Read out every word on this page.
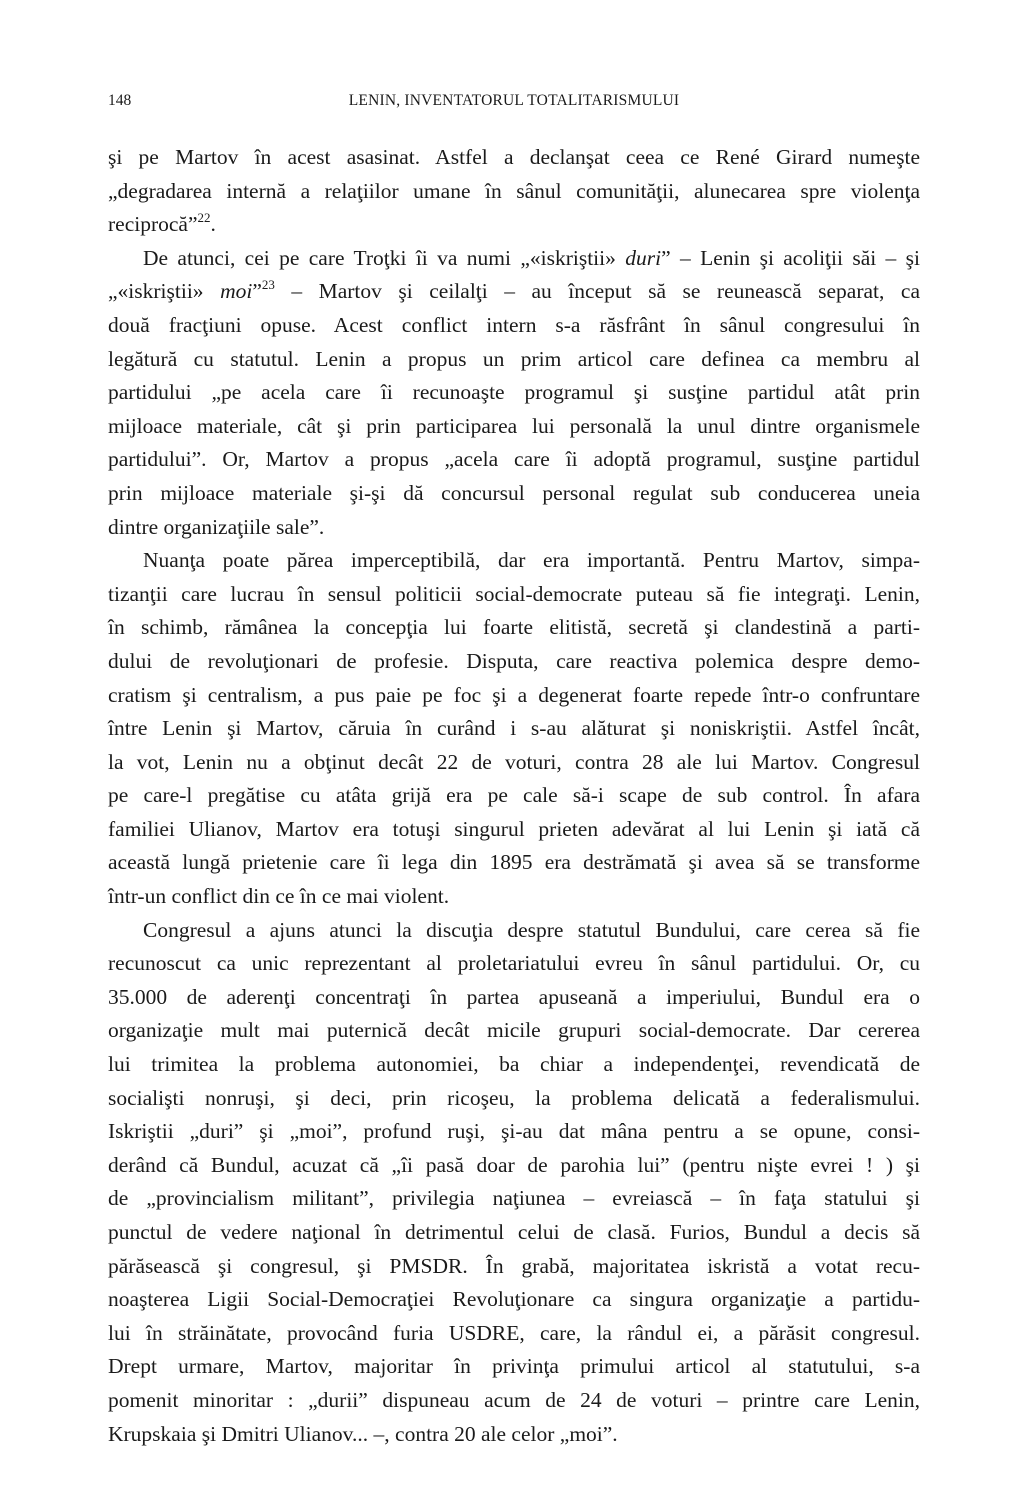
148	LENIN, INVENTATORUL TOTALITARISMULUI
şi pe Martov în acest asasinat. Astfel a declanşat ceea ce René Girard numeşte
„degradarea internă a relaţiilor umane în sânul comunităţii, alunecarea spre violenţa
reciprocă”$^{22}$.
De atunci, cei pe care Troţki îi va numi „«iskriştii» duri” – Lenin şi acoliţii săi – şi
„«iskriştii» moi”$^{23}$ – Martov şi ceilalţi – au început să se reunească separat, ca
două fracţiuni opuse. Acest conflict intern s-a răsfrânt în sânul congresului în
legătură cu statutul. Lenin a propus un prim articol care definea ca membru al
partidului „pe acela care îi recunoaşte programul şi susţine partidul atât prin
mijloace materiale, cât şi prin participarea lui personală la unul dintre organismele
partidului”. Or, Martov a propus „acela care îi adoptă programul, susţine partidul
prin mijloace materiale şi-şi dă concursul personal regulat sub conducerea uneia
dintre organizaţiile sale”.
Nuanţa poate părea imperceptibilă, dar era importantă. Pentru Martov, simpa-
tizanţii care lucrau în sensul politicii social-democrate puteau să fie integraţi. Lenin,
în schimb, rămânea la concepţia lui foarte elitistă, secretă şi clandestină a parti-
dului de revoluţionari de profesie. Disputa, care reactiva polemica despre demo-
cratism şi centralism, a pus paie pe foc şi a degenerat foarte repede într-o confruntare
între Lenin şi Martov, căruia în curând i s-au alăturat şi noniskriştii. Astfel încât,
la vot, Lenin nu a obţinut decât 22 de voturi, contra 28 ale lui Martov. Congresul
pe care-l pregătise cu atâta grijă era pe cale să-i scape de sub control. În afara
familiei Ulianov, Martov era totuşi singurul prieten adevărat al lui Lenin şi iată că
această lungă prietenie care îi lega din 1895 era destrămată şi avea să se transforme
într-un conflict din ce în ce mai violent.
Congresul a ajuns atunci la discuţia despre statutul Bundului, care cerea să fie
recunoscut ca unic reprezentant al proletariatului evreu în sânul partidului. Or, cu
35.000 de aderenţi concentraţi în partea apuseană a imperiului, Bundul era o
organizaţie mult mai puternică decât micile grupuri social-democrate. Dar cererea
lui trimitea la problema autonomiei, ba chiar a independenţei, revendicată de
socialişti nonruşi, şi deci, prin ricoşeu, la problema delicată a federalismului.
Iskriştii „duri” şi „moi”, profund ruşi, şi-au dat mâna pentru a se opune, consi-
derând că Bundul, acuzat că „îi pasă doar de parohia lui” (pentru nişte evrei ! ) şi
de „provincialism militant”, privilegia naţiunea – evreiască – în faţa statului şi
punctul de vedere naţional în detrimentul celui de clasă. Furios, Bundul a decis să
părăsească şi congresul, şi PMSDR. În grabă, majoritatea iskristă a votat recu-
noaşterea Ligii Social-Democraţiei Revoluţionare ca singura organizaţie a partidu-
lui în străinătate, provocând furia USDRE, care, la rândul ei, a părăsit congresul.
Drept urmare, Martov, majoritar în privinţa primului articol al statutului, s-a
pomenit minoritar : „durii” dispuneau acum de 24 de voturi – printre care Lenin,
Krupskaia şi Dmitri Ulianov... –, contra 20 ale celor „moi”.
